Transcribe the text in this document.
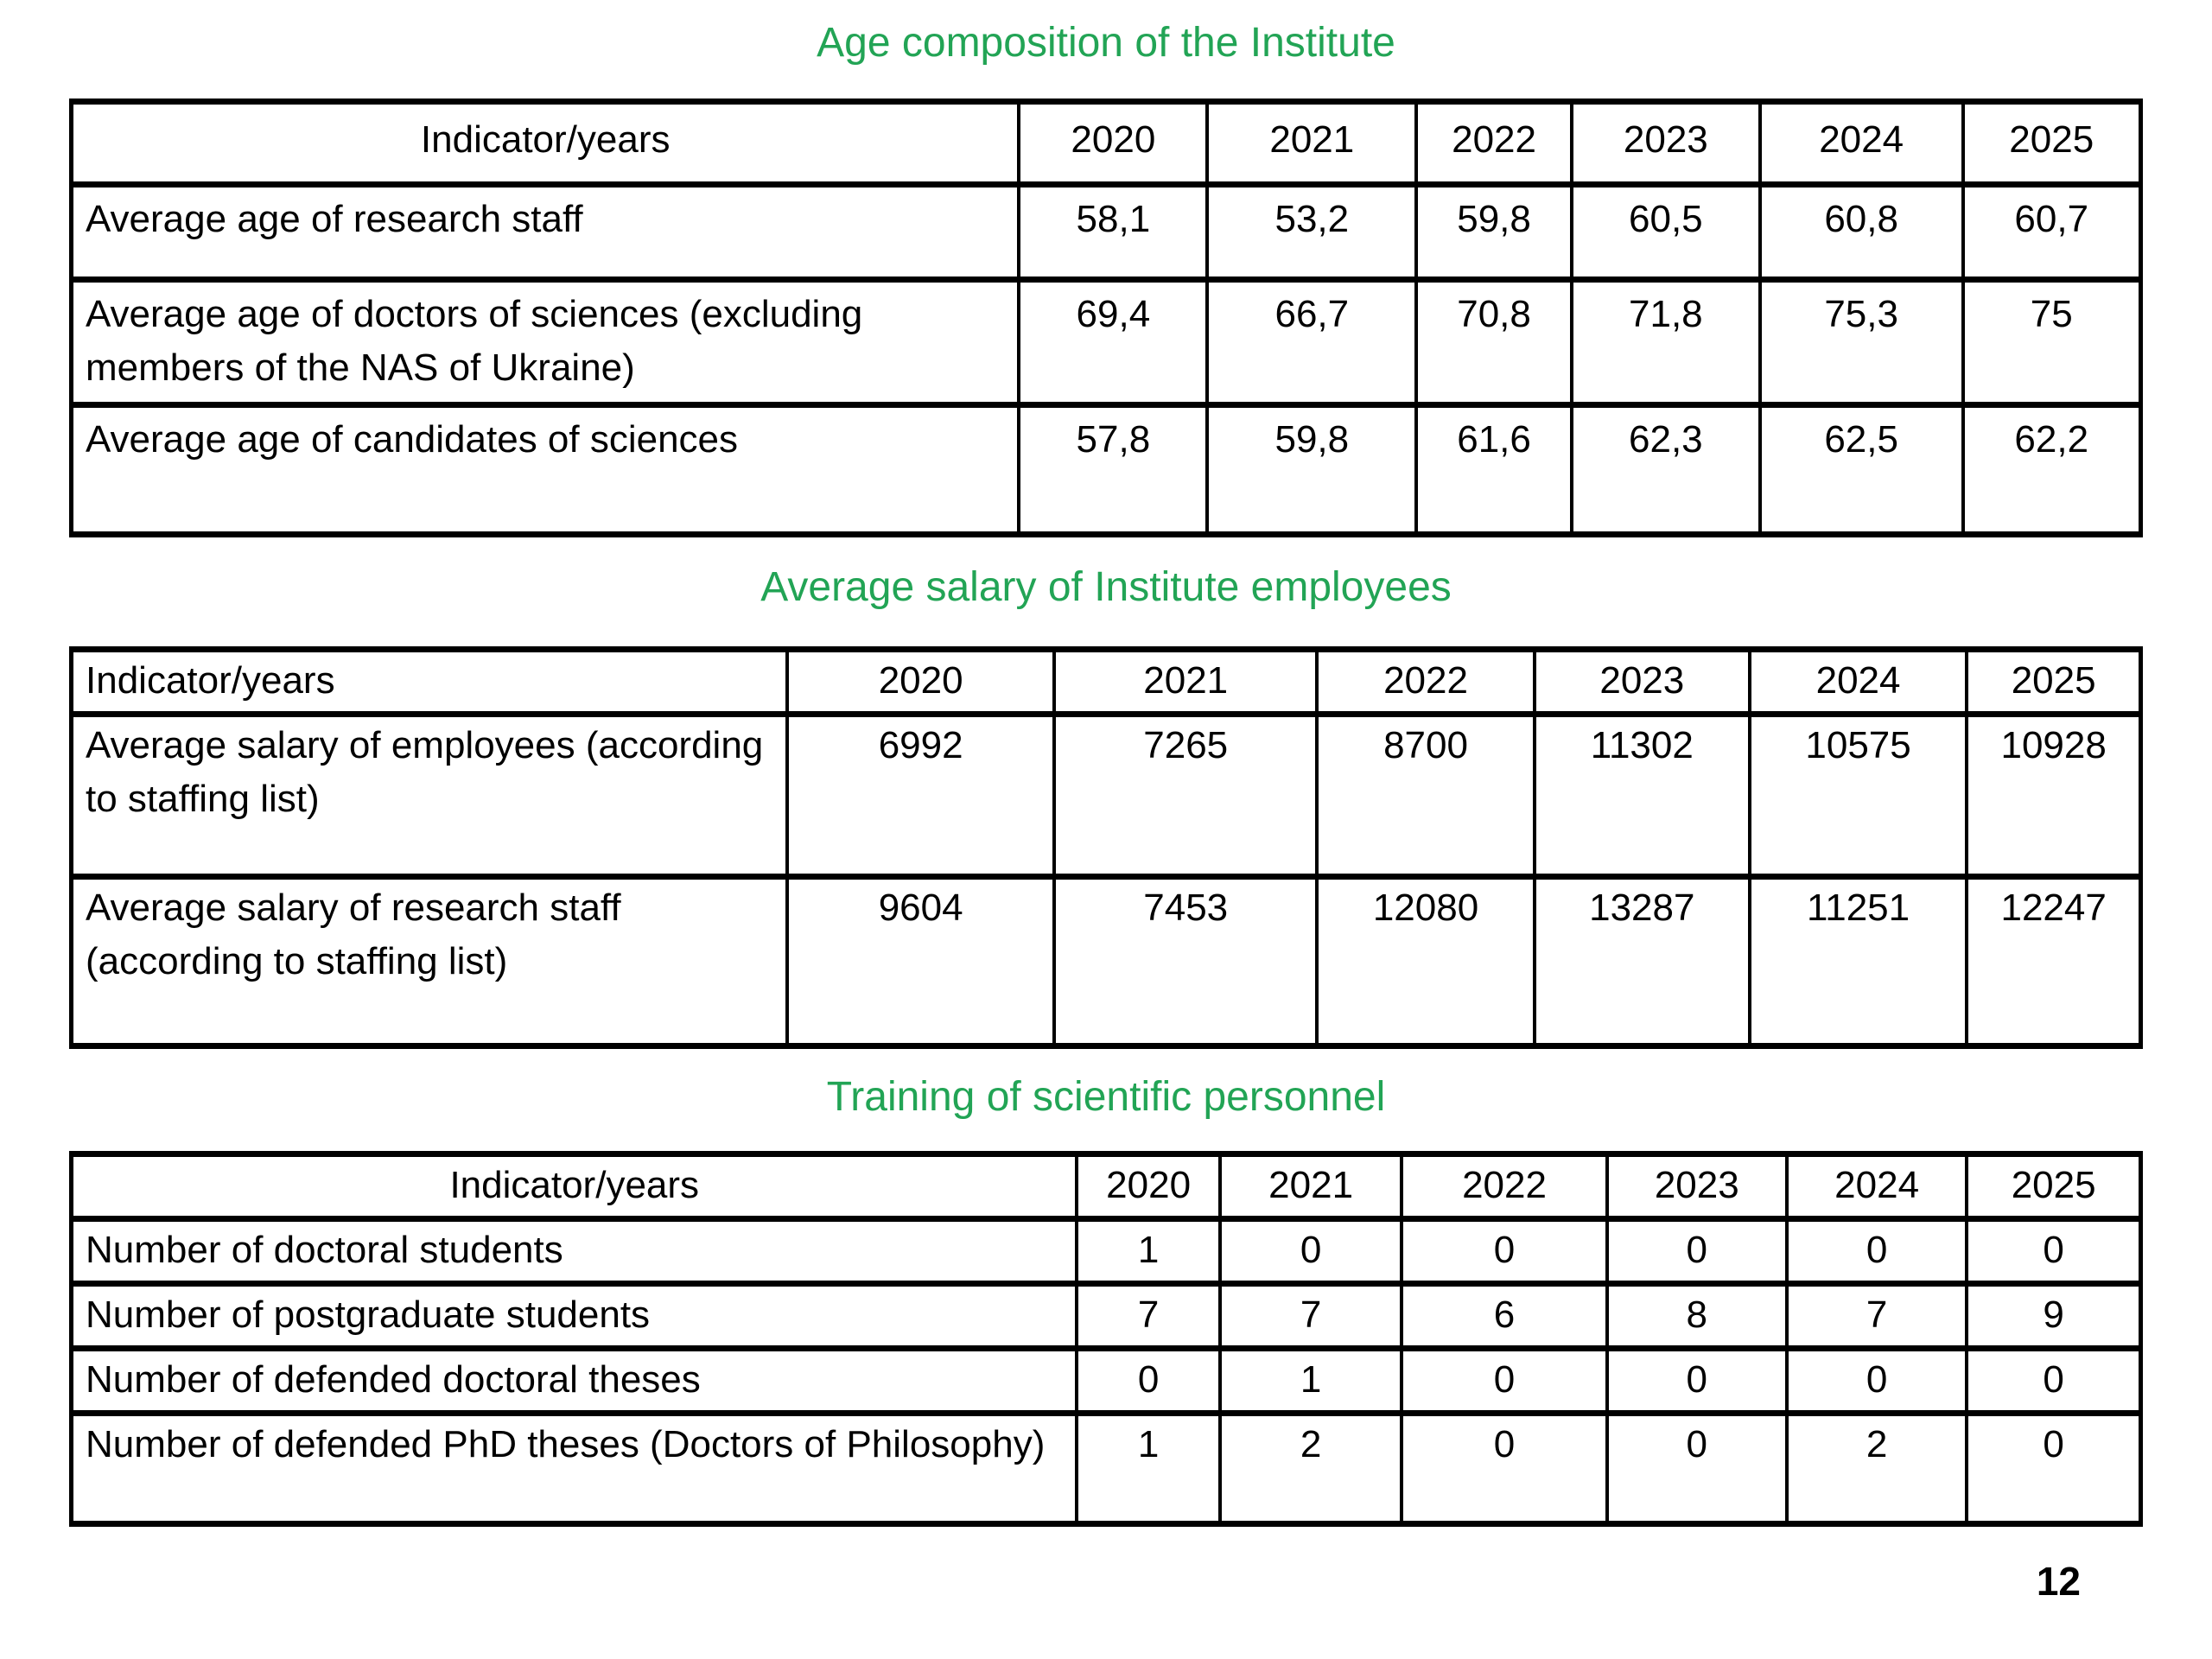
Age composition of the Institute
Indicator/years	2020	2021	2022	2023	2024	2025
Average age of research staff	58,1	53,2	59,8	60,5	60,8	60,7
Average age of doctors of sciences (excluding members of the NAS of Ukraine)	69,4	66,7	70,8	71,8	75,3	75
Average age of candidates of sciences	57,8	59,8	61,6	62,3	62,5	62,2
Average salary of Institute employees
Indicator/years	2020	2021	2022	2023	2024	2025
Average salary of employees (according to staffing list)	6992	7265	8700	11302	10575	10928
Average salary of research staff (according to staffing list)	9604	7453	12080	13287	11251	12247
Training of scientific personnel
Indicator/years	2020	2021	2022	2023	2024	2025
Number of doctoral students	1	0	0	0	0	0
Number of postgraduate students	7	7	6	8	7	9
Number of defended doctoral theses	0	1	0	0	0	0
Number of defended PhD theses (Doctors of Philosophy)	1	2	0	0	2	0
12
